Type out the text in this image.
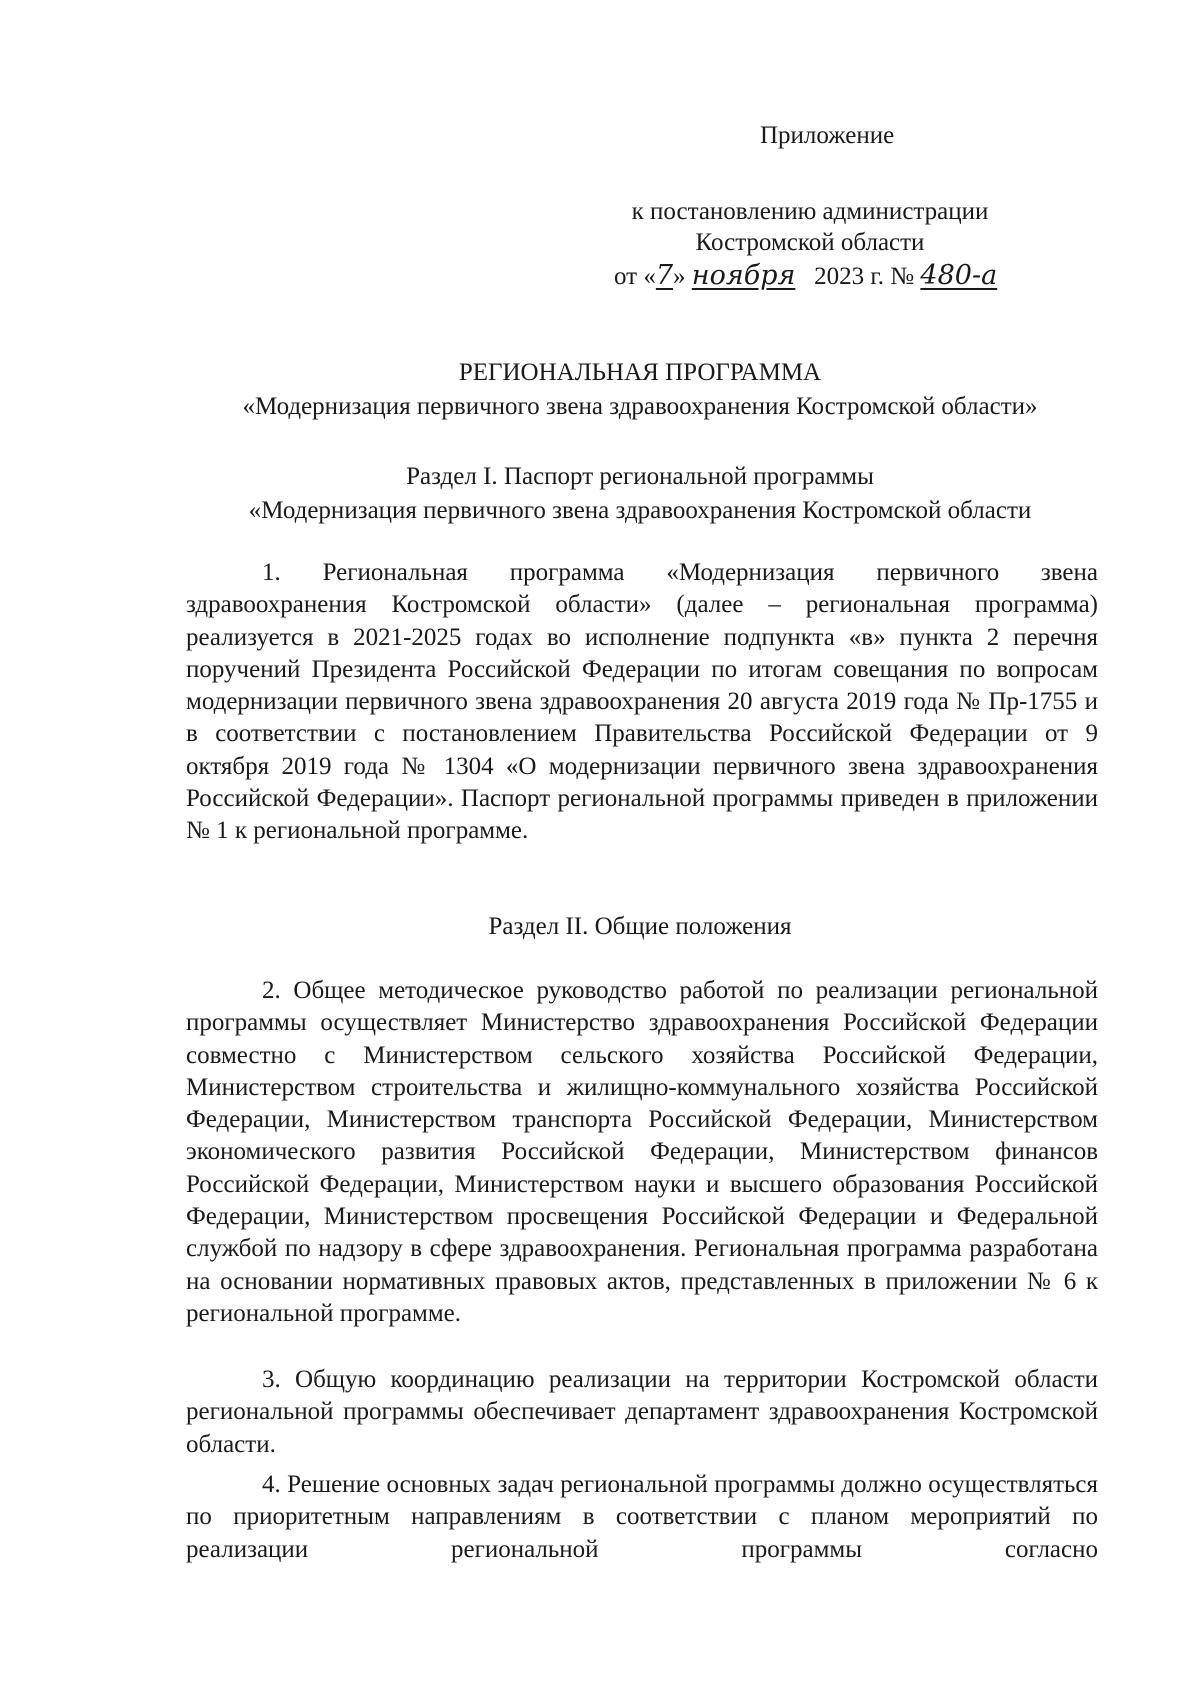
Приложение
к постановлению администрации
Костромской области
от «7» ноября 2023 г. № 480-а
РЕГИОНАЛЬНАЯ ПРОГРАММА
«Модернизация первичного звена здравоохранения Костромской области»
Раздел I. Паспорт региональной программы
«Модернизация первичного звена здравоохранения Костромской области

1. Региональная программа «Модернизация первичного звена здравоохранения Костромской области» (далее – региональная программа) реализуется в 2021-2025 годах во исполнение подпункта «в» пункта 2 перечня поручений Президента Российской Федерации по итогам совещания по вопросам модернизации первичного звена здравоохранения 20 августа 2019 года № Пр-1755 и в соответствии с постановлением Правительства Российской Федерации от 9 октября 2019 года № 1304 «О модернизации первичного звена здравоохранения Российской Федерации». Паспорт региональной программы приведен в приложении № 1 к региональной программе.

Раздел II. Общие положения

2. Общее методическое руководство работой по реализации региональной программы осуществляет Министерство здравоохранения Российской Федерации совместно с Министерством сельского хозяйства Российской Федерации, Министерством строительства и жилищно-коммунального хозяйства Российской Федерации, Министерством транспорта Российской Федерации, Министерством экономического развития Российской Федерации, Министерством финансов Российской Федерации, Министерством науки и высшего образования Российской Федерации, Министерством просвещения Российской Федерации и Федеральной службой по надзору в сфере здравоохранения. Региональная программа разработана на основании нормативных правовых актов, представленных в приложении № 6 к региональной программе.

3. Общую координацию реализации на территории Костромской области региональной программы обеспечивает департамент здравоохранения Костромской области.

4. Решение основных задач региональной программы должно осуществляться по приоритетным направлениям в соответствии с планом мероприятий по реализации региональной программы согласно
